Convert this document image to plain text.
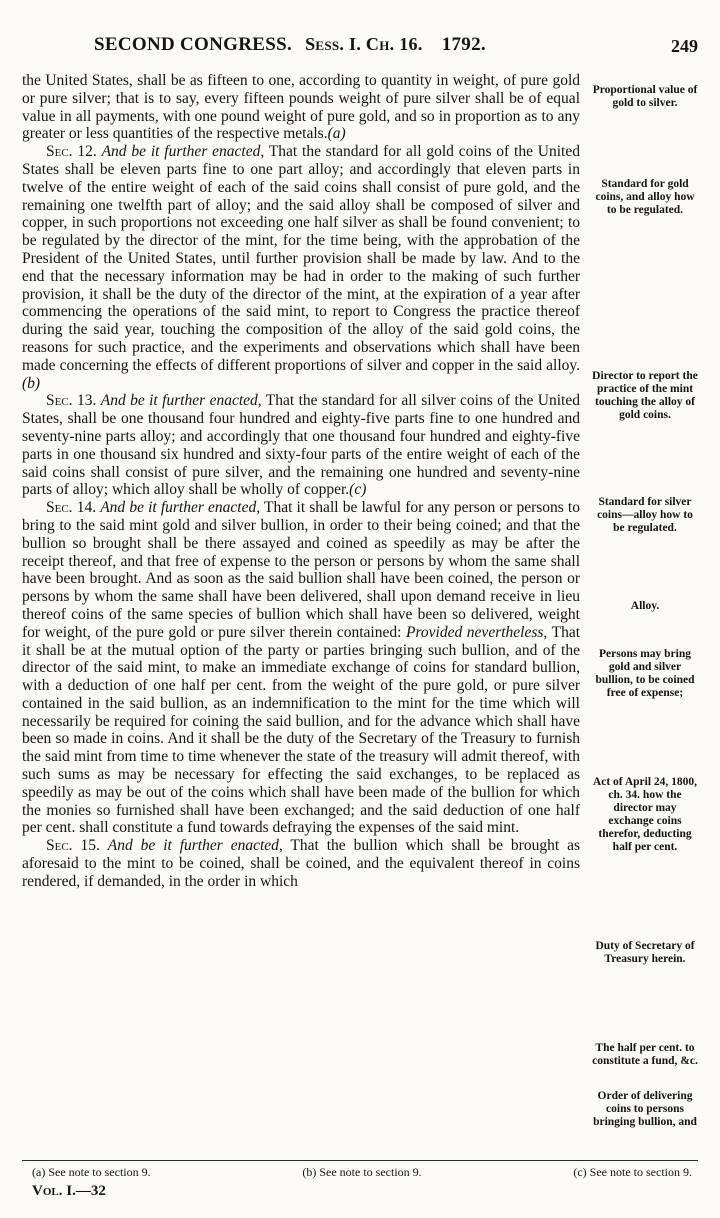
SECOND CONGRESS. Sess. I. Ch. 16. 1792.	249

the United States, shall be as fifteen to one, according to quantity in weight, of pure gold or pure silver; that is to say, every fifteen pounds weight of pure silver shall be of equal value in all payments, with one pound weight of pure gold, and so in proportion as to any greater or less quantities of the respective metals.(a)

Sec. 12. And be it further enacted, That the standard for all gold coins of the United States shall be eleven parts fine to one part alloy; and accordingly that eleven parts in twelve of the entire weight of each of the said coins shall consist of pure gold, and the remaining one twelfth part of alloy; and the said alloy shall be composed of silver and copper, in such proportions not exceeding one half silver as shall be found convenient; to be regulated by the director of the mint, for the time being, with the approbation of the President of the United States, until further provision shall be made by law. And to the end that the necessary information may be had in order to the making of such further provision, it shall be the duty of the director of the mint, at the expiration of a year after commencing the operations of the said mint, to report to Congress the practice thereof during the said year, touching the composition of the alloy of the said gold coins, the reasons for such practice, and the experiments and observations which shall have been made concerning the effects of different proportions of silver and copper in the said alloy.(b)

Sec. 13. And be it further enacted, That the standard for all silver coins of the United States, shall be one thousand four hundred and eighty-five parts fine to one hundred and seventy-nine parts alloy; and accordingly that one thousand four hundred and eighty-five parts in one thousand six hundred and sixty-four parts of the entire weight of each of the said coins shall consist of pure silver, and the remaining one hundred and seventy-nine parts of alloy; which alloy shall be wholly of copper.(c)

Sec. 14. And be it further enacted, That it shall be lawful for any person or persons to bring to the said mint gold and silver bullion, in order to their being coined; and that the bullion so brought shall be there assayed and coined as speedily as may be after the receipt thereof, and that free of expense to the person or persons by whom the same shall have been brought. And as soon as the said bullion shall have been coined, the person or persons by whom the same shall have been delivered, shall upon demand receive in lieu thereof coins of the same species of bullion which shall have been so delivered, weight for weight, of the pure gold or pure silver therein contained: Provided nevertheless, That it shall be at the mutual option of the party or parties bringing such bullion, and of the director of the said mint, to make an immediate exchange of coins for standard bullion, with a deduction of one half per cent. from the weight of the pure gold, or pure silver contained in the said bullion, as an indemnification to the mint for the time which will necessarily be required for coining the said bullion, and for the advance which shall have been so made in coins. And it shall be the duty of the Secretary of the Treasury to furnish the said mint from time to time whenever the state of the treasury will admit thereof, with such sums as may be necessary for effecting the said exchanges, to be replaced as speedily as may be out of the coins which shall have been made of the bullion for which the monies so furnished shall have been exchanged; and the said deduction of one half per cent. shall constitute a fund towards defraying the expenses of the said mint.

Sec. 15. And be it further enacted, That the bullion which shall be brought as aforesaid to the mint to be coined, shall be coined, and the equivalent thereof in coins rendered, if demanded, in the order in which

Proportional value of gold to silver.
Standard for gold coins, and alloy how to be regulated.
Director to report the practice of the mint touching the alloy of gold coins.
Standard for silver coins—alloy how to be regulated.
Alloy.
Persons may bring gold and silver bullion, to be coined free of expense;
Act of April 24, 1800, ch. 34. how the director may exchange coins therefor, deducting half per cent.
Duty of Secretary of Treasury herein.
The half per cent. to constitute a fund, &c.
Order of delivering coins to persons bringing bullion, and
(a) See note to section 9.	(b) See note to section 9.	(c) See note to section 9.
Vol. I.—32
